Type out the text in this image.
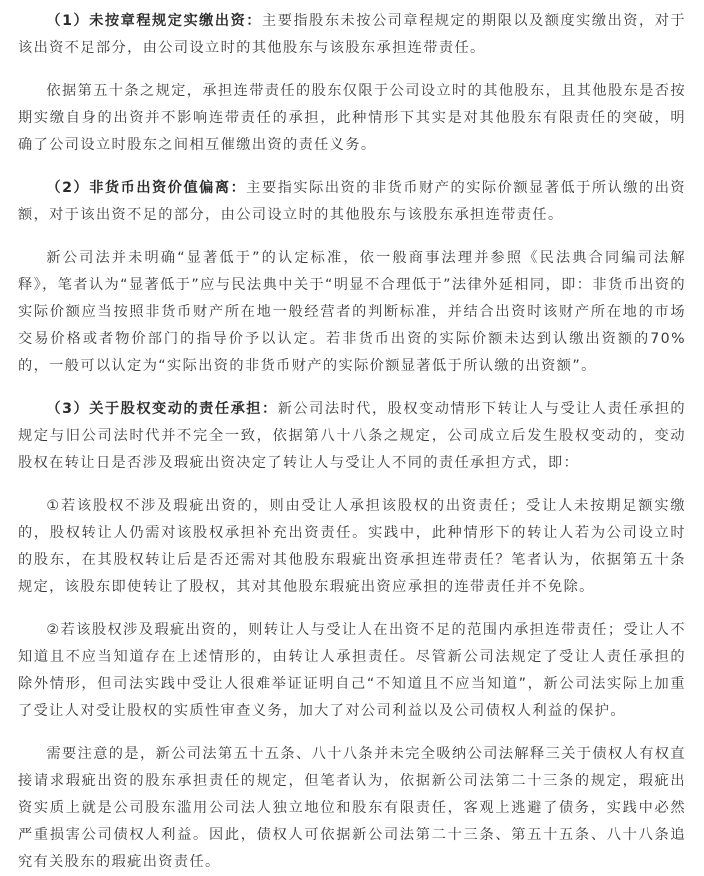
（1）未按章程规定实缴出资：主要指股东未按公司章程规定的期限以及额度实缴出资，对于该出资不足部分，由公司设立时的其他股东与该股东承担连带责任。

依据第五十条之规定，承担连带责任的股东仅限于公司设立时的其他股东，且其他股东是否按期实缴自身的出资并不影响连带责任的承担，此种情形下其实是对其他股东有限责任的突破，明确了公司设立时股东之间相互催缴出资的责任义务。

（2）非货币出资价值偏离：主要指实际出资的非货币财产的实际价额显著低于所认缴的出资额，对于该出资不足的部分，由公司设立时的其他股东与该股东承担连带责任。

新公司法并未明确“显著低于”的认定标准，依一般商事法理并参照《民法典合同编司法解释》，笔者认为“显著低于”应与民法典中关于“明显不合理低于”法律外延相同，即：非货币出资的实际价额应当按照非货币财产所在地一般经营者的判断标准，并结合出资时该财产所在地的市场交易价格或者物价部门的指导价予以认定。若非货币出资的实际价额未达到认缴出资额的70%的，一般可以认定为“实际出资的非货币财产的实际价额显著低于所认缴的出资额”。

（3）关于股权变动的责任承担：新公司法时代，股权变动情形下转让人与受让人责任承担的规定与旧公司法时代并不完全一致，依据第八十八条之规定，公司成立后发生股权变动的，变动股权在转让日是否涉及瑕疵出资决定了转让人与受让人不同的责任承担方式，即：

①若该股权不涉及瑕疵出资的，则由受让人承担该股权的出资责任；受让人未按期足额实缴的，股权转让人仍需对该股权承担补充出资责任。实践中，此种情形下的转让人若为公司设立时的股东，在其股权转让后是否还需对其他股东瑕疵出资承担连带责任？笔者认为，依据第五十条规定，该股东即使转让了股权，其对其他股东瑕疵出资应承担的连带责任并不免除。

②若该股权涉及瑕疵出资的，则转让人与受让人在出资不足的范围内承担连带责任；受让人不知道且不应当知道存在上述情形的，由转让人承担责任。尽管新公司法规定了受让人责任承担的除外情形，但司法实践中受让人很难举证证明自己“不知道且不应当知道”，新公司法实际上加重了受让人对受让股权的实质性审查义务，加大了对公司利益以及公司债权人利益的保护。

需要注意的是，新公司法第五十五条、八十八条并未完全吸纳公司法解释三关于债权人有权直接请求瑕疵出资的股东承担责任的规定，但笔者认为，依据新公司法第二十三条的规定，瑕疵出资实质上就是公司股东滥用公司法人独立地位和股东有限责任，客观上逃避了债务，实践中必然严重损害公司债权人利益。因此，债权人可依据新公司法第二十三条、第五十五条、八十八条追究有关股东的瑕疵出资责任。
